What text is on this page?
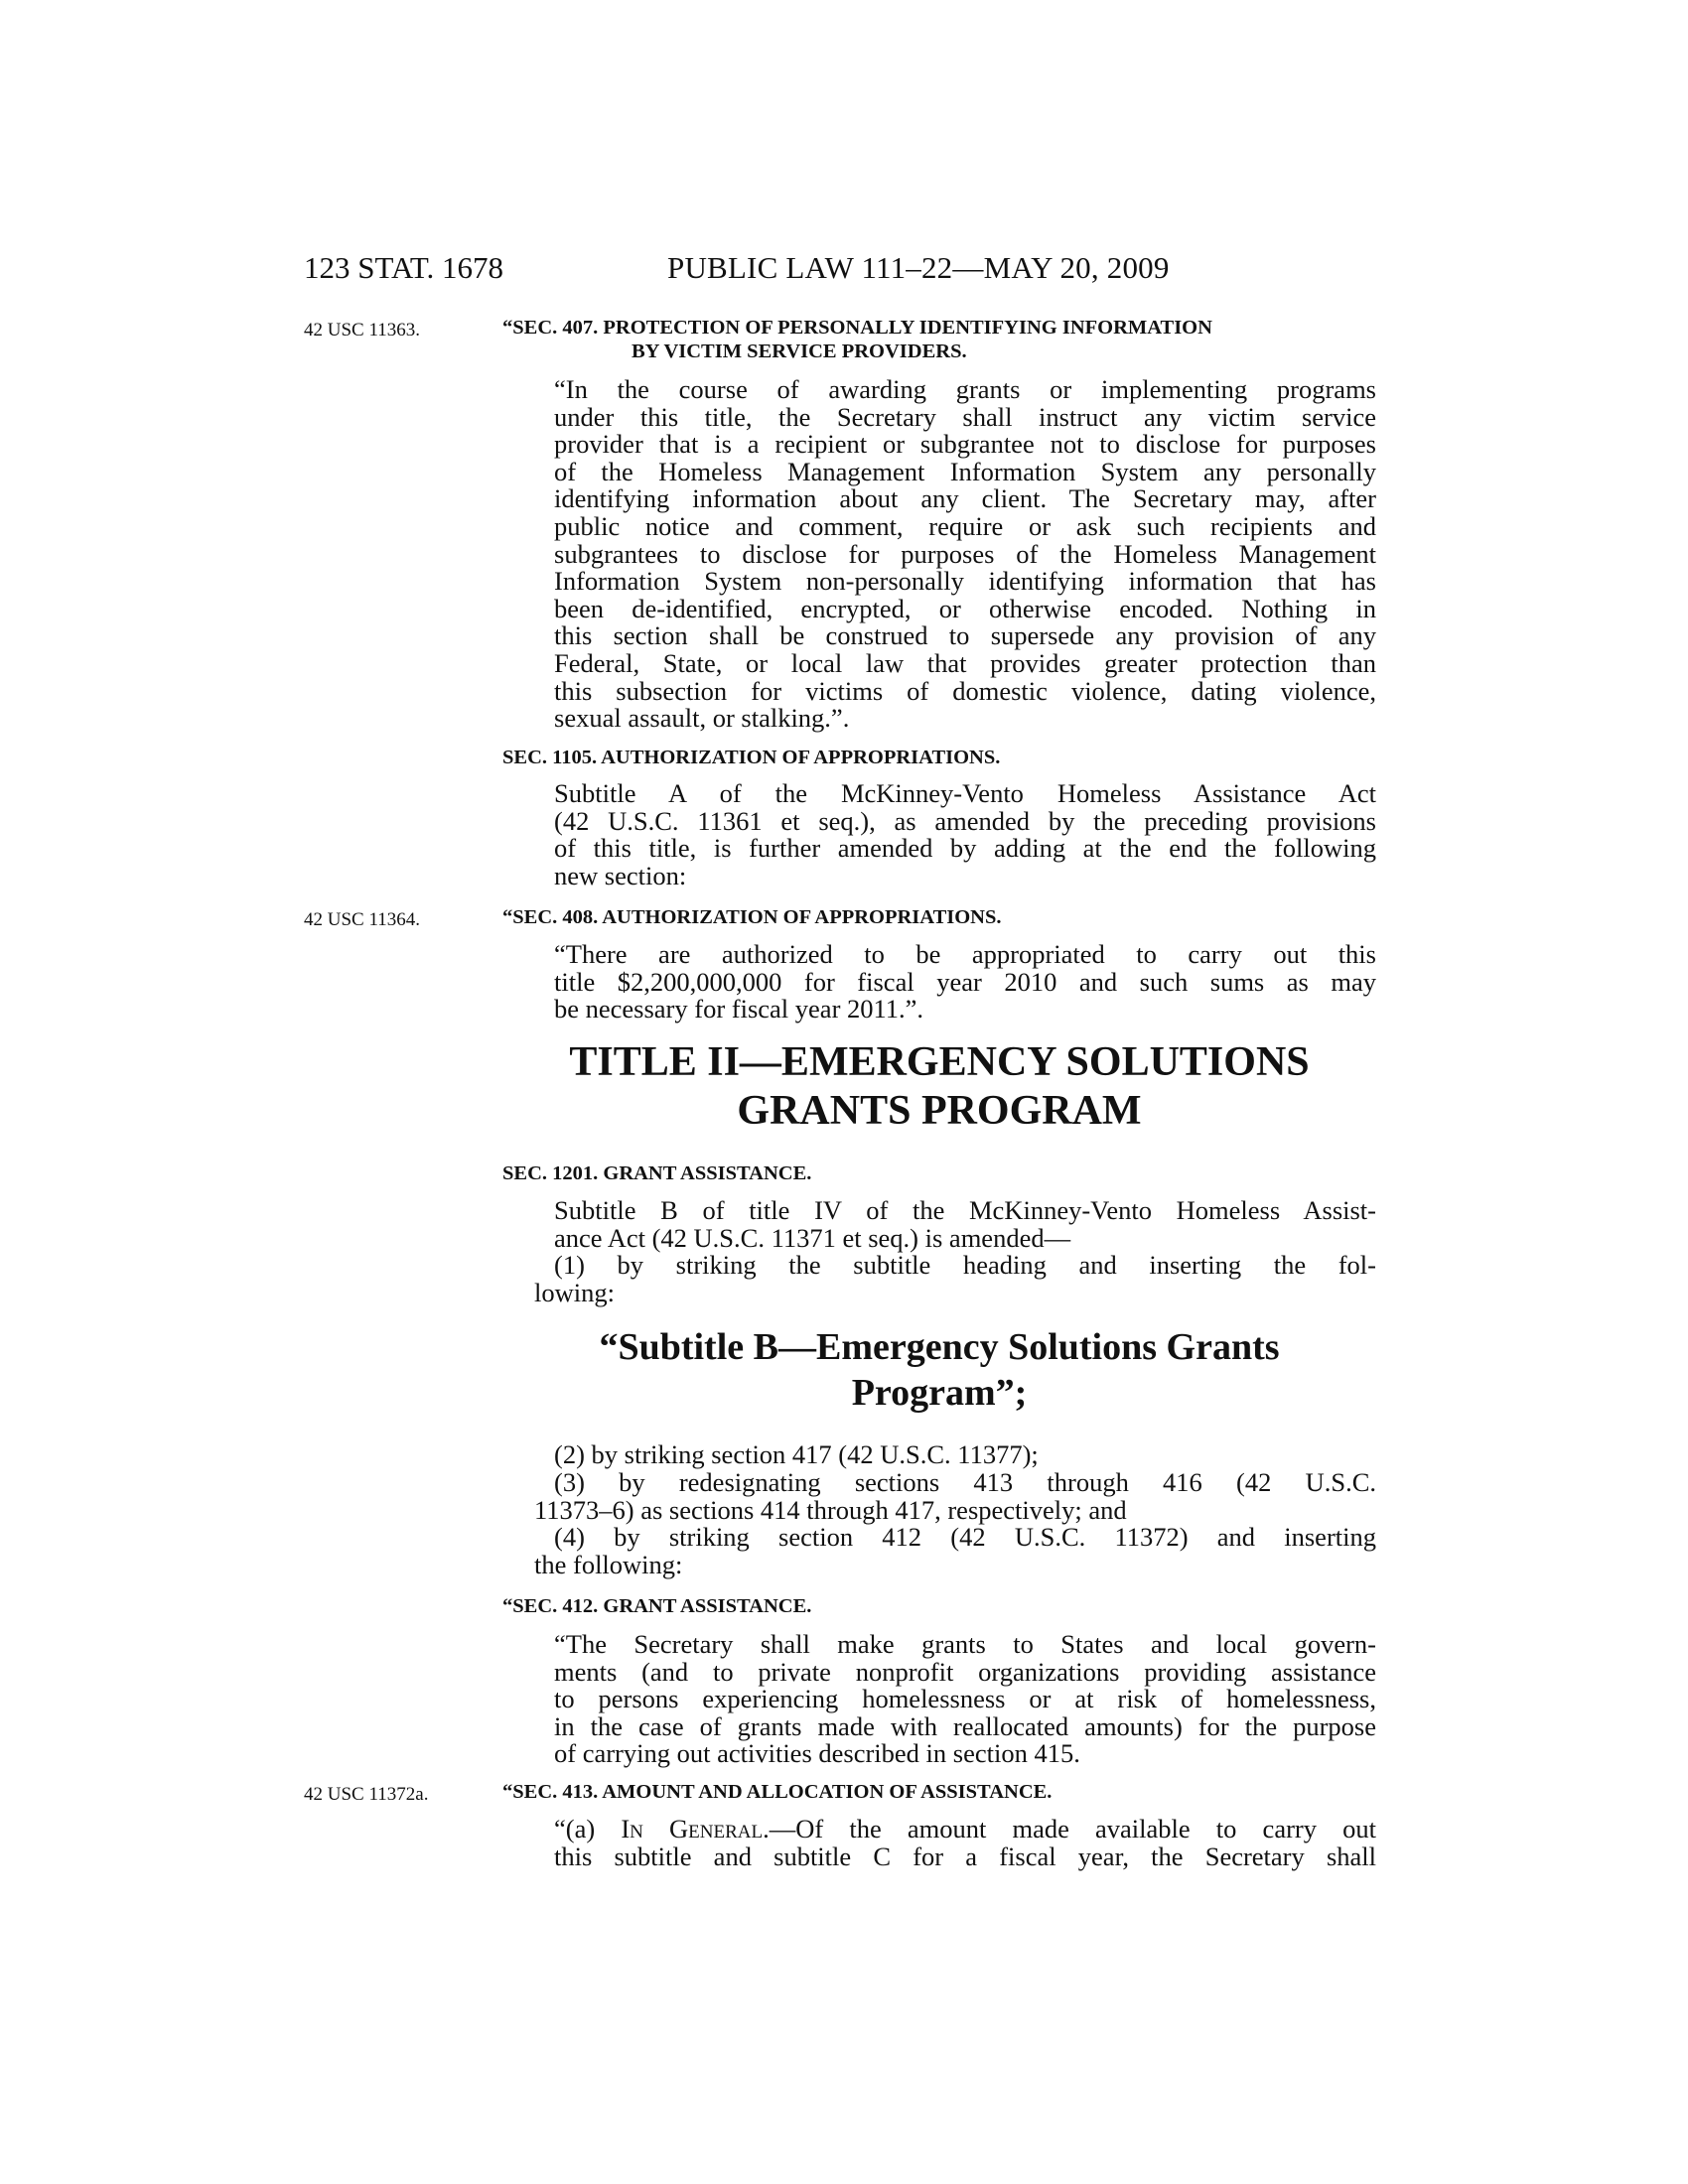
123 STAT. 1678	PUBLIC LAW 111–22—MAY 20, 2009
42 USC 11363.	“SEC. 407. PROTECTION OF PERSONALLY IDENTIFYING INFORMATION
BY VICTIM SERVICE PROVIDERS.
“In the course of awarding grants or implementing programs
under this title, the Secretary shall instruct any victim service
provider that is a recipient or subgrantee not to disclose for purposes
of the Homeless Management Information System any personally
identifying information about any client. The Secretary may, after
public notice and comment, require or ask such recipients and
subgrantees to disclose for purposes of the Homeless Management
Information System non-personally identifying information that has
been de-identified, encrypted, or otherwise encoded. Nothing in
this section shall be construed to supersede any provision of any
Federal, State, or local law that provides greater protection than
this subsection for victims of domestic violence, dating violence,
sexual assault, or stalking.”.
SEC. 1105. AUTHORIZATION OF APPROPRIATIONS.
Subtitle A of the McKinney-Vento Homeless Assistance Act
(42 U.S.C. 11361 et seq.), as amended by the preceding provisions
of this title, is further amended by adding at the end the following
new section:
42 USC 11364.	“SEC. 408. AUTHORIZATION OF APPROPRIATIONS.
“There are authorized to be appropriated to carry out this
title $2,200,000,000 for fiscal year 2010 and such sums as may
be necessary for fiscal year 2011.”.
TITLE II—EMERGENCY SOLUTIONS
GRANTS PROGRAM
SEC. 1201. GRANT ASSISTANCE.
Subtitle B of title IV of the McKinney-Vento Homeless Assist-
ance Act (42 U.S.C. 11371 et seq.) is amended—
(1) by striking the subtitle heading and inserting the fol-
lowing:
“Subtitle B—Emergency Solutions Grants
Program”;
(2) by striking section 417 (42 U.S.C. 11377);
(3) by redesignating sections 413 through 416 (42 U.S.C.
11373–6) as sections 414 through 417, respectively; and
(4) by striking section 412 (42 U.S.C. 11372) and inserting
the following:
“SEC. 412. GRANT ASSISTANCE.
“The Secretary shall make grants to States and local govern-
ments (and to private nonprofit organizations providing assistance
to persons experiencing homelessness or at risk of homelessness,
in the case of grants made with reallocated amounts) for the purpose
of carrying out activities described in section 415.
42 USC 11372a.	“SEC. 413. AMOUNT AND ALLOCATION OF ASSISTANCE.
“(a) In General.—Of the amount made available to carry out
this subtitle and subtitle C for a fiscal year, the Secretary shall
